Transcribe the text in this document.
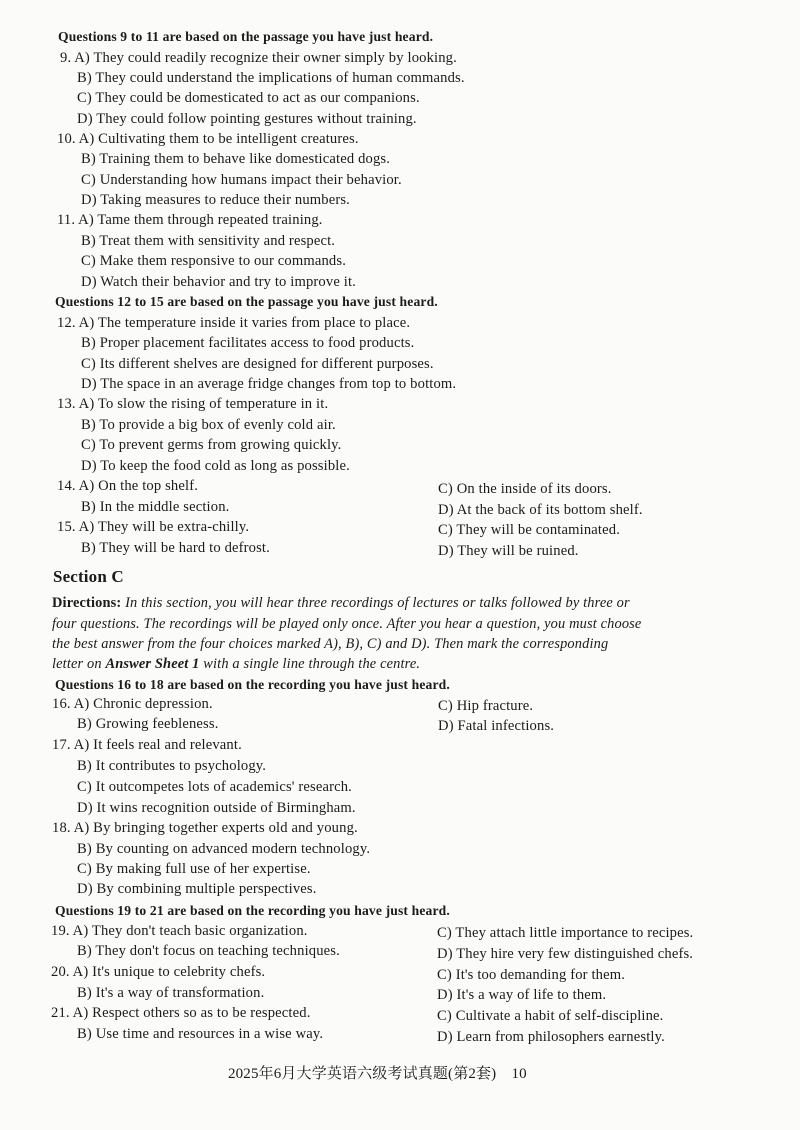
Questions 9 to 11 are based on the passage you have just heard.
9. A) They could readily recognize their owner simply by looking.
B) They could understand the implications of human commands.
C) They could be domesticated to act as our companions.
D) They could follow pointing gestures without training.
10. A) Cultivating them to be intelligent creatures.
B) Training them to behave like domesticated dogs.
C) Understanding how humans impact their behavior.
D) Taking measures to reduce their numbers.
11. A) Tame them through repeated training.
B) Treat them with sensitivity and respect.
C) Make them responsive to our commands.
D) Watch their behavior and try to improve it.
Questions 12 to 15 are based on the passage you have just heard.
12. A) The temperature inside it varies from place to place.
B) Proper placement facilitates access to food products.
C) Its different shelves are designed for different purposes.
D) The space in an average fridge changes from top to bottom.
13. A) To slow the rising of temperature in it.
B) To provide a big box of evenly cold air.
C) To prevent germs from growing quickly.
D) To keep the food cold as long as possible.
14. A) On the top shelf.	C) On the inside of its doors.
B) In the middle section.	D) At the back of its bottom shelf.
15. A) They will be extra-chilly.	C) They will be contaminated.
B) They will be hard to defrost.	D) They will be ruined.
Section C
Directions: In this section, you will hear three recordings of lectures or talks followed by three or
four questions. The recordings will be played only once. After you hear a question, you must choose
the best answer from the four choices marked A), B), C) and D). Then mark the corresponding
letter on Answer Sheet 1 with a single line through the centre.
Questions 16 to 18 are based on the recording you have just heard.
16. A) Chronic depression.	C) Hip fracture.
B) Growing feebleness.	D) Fatal infections.
17. A) It feels real and relevant.
B) It contributes to psychology.
C) It outcompetes lots of academics' research.
D) It wins recognition outside of Birmingham.
18. A) By bringing together experts old and young.
B) By counting on advanced modern technology.
C) By making full use of her expertise.
D) By combining multiple perspectives.
Questions 19 to 21 are based on the recording you have just heard.
19. A) They don't teach basic organization.	C) They attach little importance to recipes.
B) They don't focus on teaching techniques.	D) They hire very few distinguished chefs.
20. A) It's unique to celebrity chefs.	C) It's too demanding for them.
B) It's a way of transformation.	D) It's a way of life to them.
21. A) Respect others so as to be respected.	C) Cultivate a habit of self-discipline.
B) Use time and resources in a wise way.	D) Learn from philosophers earnestly.
2025年6月大学英语六级考试真题(第2套)　10
